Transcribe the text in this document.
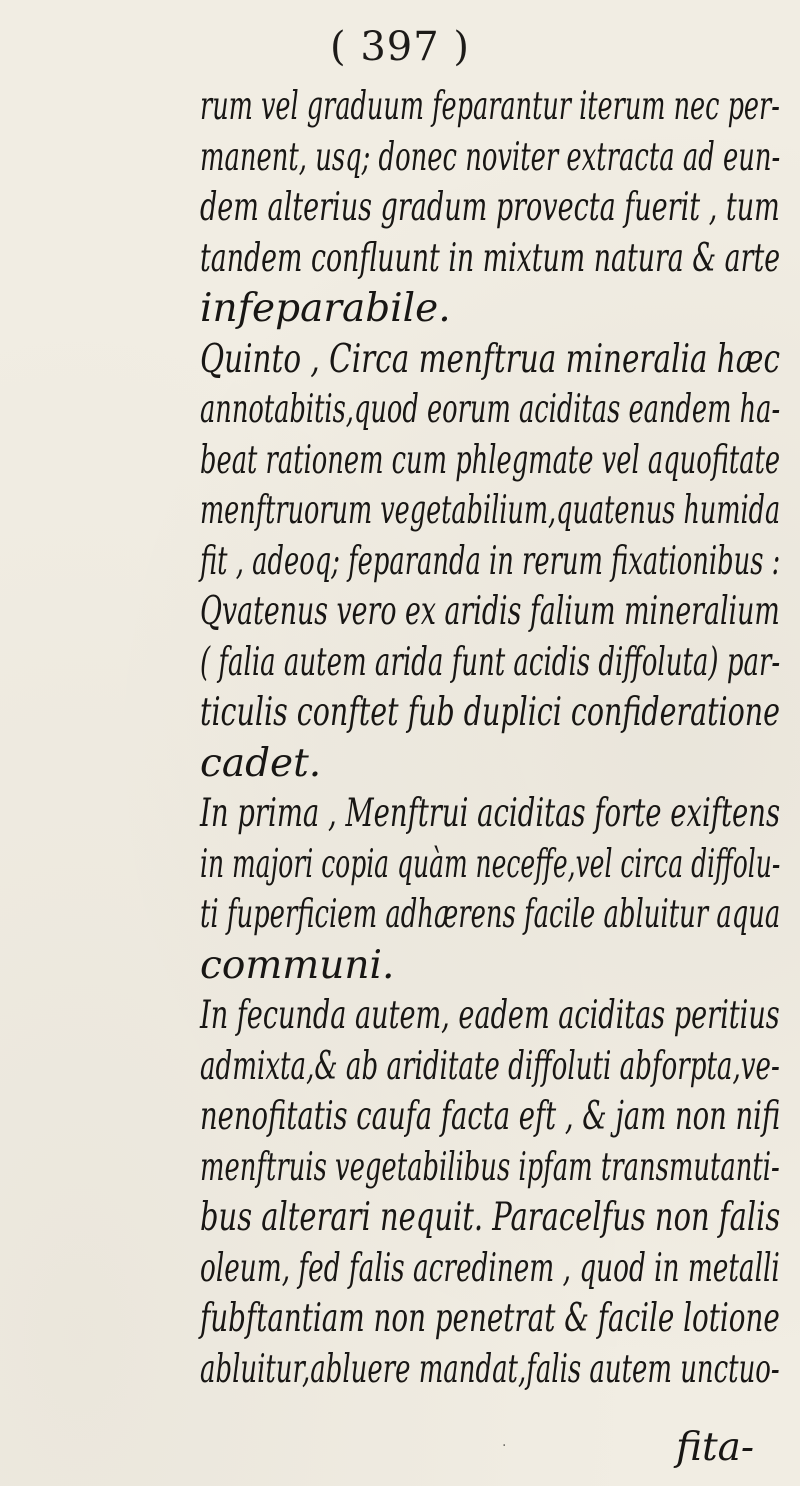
( 397 )
rum vel graduum feparantur iterum nec per-
manent, usq; donec noviter extracta ad eun-
dem alterius gradum provecta fuerit , tum
tandem confluunt in mixtum natura & arte
infeparabile.
Quinto , Circa menftrua mineralia hæc
annotabitis,quod eorum aciditas eandem ha-
beat rationem cum phlegmate vel aquofitate
menftruorum vegetabilium,quatenus humida
fit , adeoq; feparanda in rerum fixationibus :
Qvatenus vero ex aridis falium mineralium
( falia autem arida funt acidis diffoluta) par-
ticulis conftet fub duplici confideratione
cadet.
In prima , Menftrui aciditas forte exiftens
in majori copia quàm neceffe,vel circa diffolu-
ti fuperficiem adhærens facile abluitur aqua
communi.
In fecunda autem, eadem aciditas peritius
admixta,& ab ariditate diffoluti abforpta,ve-
nenofitatis caufa facta eft , & jam non nifi
menftruis vegetabilibus ipfam transmutanti-
bus alterari nequit. Paracelfus non falis
oleum, fed falis acredinem , quod in metalli
fubftantiam non penetrat & facile lotione
abluitur,abluere mandat,falis autem unctuo-
fita-
·
